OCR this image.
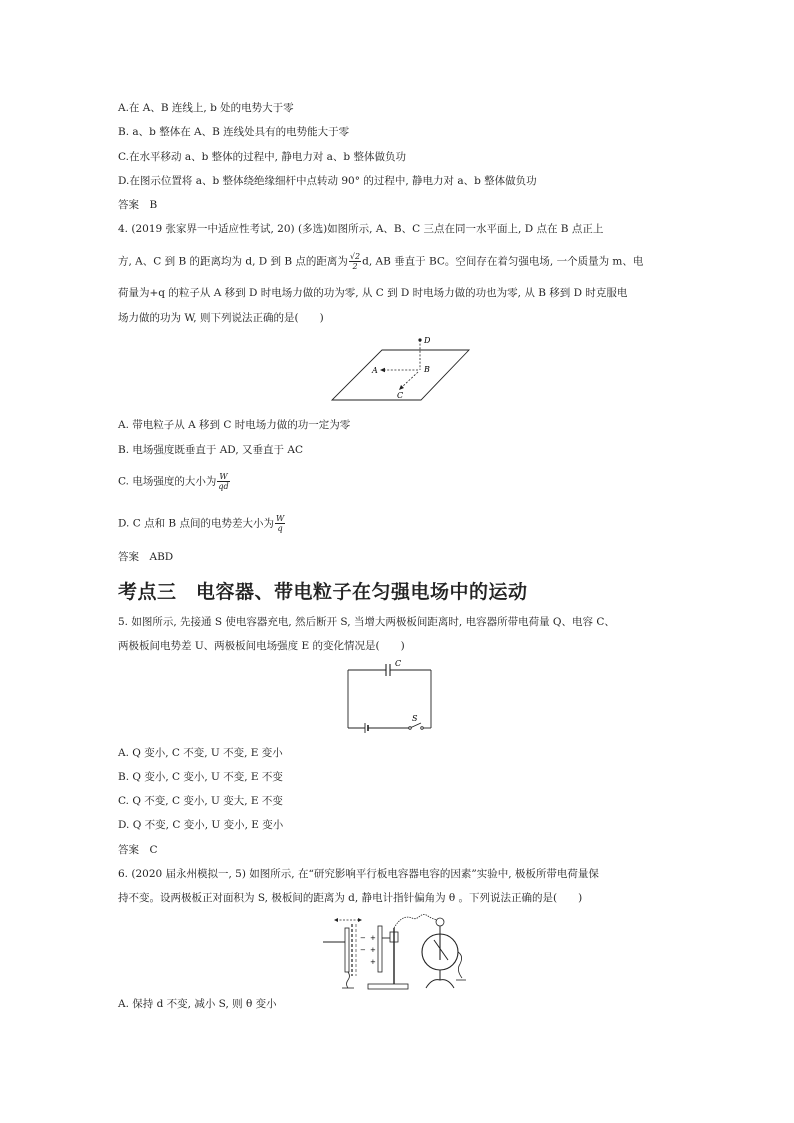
A.在 A、B 连线上, b 处的电势大于零
B. a、b 整体在 A、B 连线处具有的电势能大于零
C.在水平移动 a、b 整体的过程中, 静电力对 a、b 整体做负功
D.在图示位置将 a、b 整体绕绝缘细杆中点转动 90° 的过程中, 静电力对 a、b 整体做负功
答案　B
4. (2019 张家界一中适应性考试, 20) (多选)如图所示, A、B、C 三点在同一水平面上, D 点在 B 点正上
方, A、C 到 B 的距离均为 d, D 到 B 点的距离为 $\frac{√2}{2} d$, AB 垂直于 BC。空间存在着匀强电场, 一个质量为 m、电
荷量为+q 的粒子从 A 移到 D 时电场力做的功为零, 从 C 到 D 时电场力做的功也为零, 从 B 移到 D 时克服电
场力做的功为 W, 则下列说法正确的是(　　)
D
A	B
C
A. 带电粒子从 A 移到 C 时电场力做的功一定为零
B. 电场强度既垂直于 AD, 又垂直于 AC
C. 电场强度的大小为 $\frac{W}{qd}$
D. C 点和 B 点间的电势差大小为 $\frac{W}{q}$
答案　ABD
考点三　电容器、带电粒子在匀强电场中的运动
5. 如图所示, 先接通 S 使电容器充电, 然后断开 S, 当增大两极板间距离时, 电容器所带电荷量 Q、电容 C、
两极板间电势差 U、两极板间电场强度 E 的变化情况是(　　)
C
S
A. Q 变小, C 不变, U 不变, E 变小
B. Q 变小, C 变小, U 不变, E 不变
C. Q 不变, C 变小, U 变大, E 不变
D. Q 不变, C 变小, U 变小, E 变小
答案　C
6. (2020 届永州模拟一, 5) 如图所示, 在“研究影响平行板电容器电容的因素”实验中, 极板所带电荷量保
持不变。设两极板正对面积为 S, 极板间的距离为 d, 静电计指针偏角为 θ 。下列说法正确的是(　　)
−
−
+
+
+
A. 保持 d 不变, 减小 S, 则 θ 变小
